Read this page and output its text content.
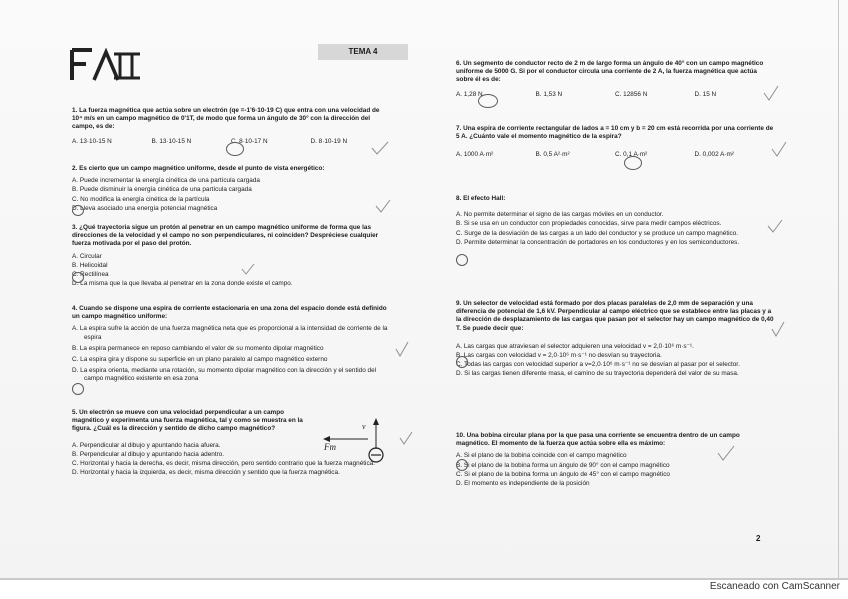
TEMA 4
1. La fuerza magnética que actúa sobre un electrón (qe =-1'6·10-19 C) que entra con una velocidad de 10⁴ m/s en un campo magnético de 0'1T, de modo que forma un ángulo de 30° con la dirección del campo, es de:
A. 13·10-15 N	B. 13·10-15 N	C. 8·10-17 N	D. 8·10-19 N
2. Es cierto que un campo magnético uniforme, desde el punto de vista energético:
A. Puede incrementar la energía cinética de una partícula cargada
B. Puede disminuir la energía cinética de una partícula cargada
C. No modifica la energía cinética de la partícula
D. Lleva asociado una energía potencial magnética
3. ¿Qué trayectoria sigue un protón al penetrar en un campo magnético uniforme de forma que las direcciones de la velocidad y el campo no son perpendiculares, ni coinciden? Despréciese cualquier fuerza motivada por el paso del protón.
A. Circular
B. Helicoidal
C. Rectilínea
D. La misma que la que llevaba al penetrar en la zona donde existe el campo.
4. Cuando se dispone una espira de corriente estacionaria en una zona del espacio donde está definido un campo magnético uniforme:
A. La espira sufre la acción de una fuerza magnética neta que es proporcional a la intensidad de corriente de la espira
B. La espira permanece en reposo cambiando el valor de su momento dipolar magnético
C. La espira gira y dispone su superficie en un plano paralelo al campo magnético externo
D. La espira orienta, mediante una rotación, su momento dipolar magnético con la dirección y el sentido del campo magnético existente en esa zona
5. Un electrón se mueve con una velocidad perpendicular a un campo magnético y experimenta una fuerza magnética, tal y como se muestra en la figura. ¿Cuál es la dirección y sentido de dicho campo magnético?
A. Perpendicular al dibujo y apuntando hacia afuera.
B. Perpendicular al dibujo y apuntando hacia adentro.
C. Horizontal y hacia la derecha, es decir, misma dirección, pero sentido contrario que la fuerza magnética.
D. Horizontal y hacia la izquierda, es decir, misma dirección y sentido que la fuerza magnética.
Fm
v
6. Un segmento de conductor recto de 2 m de largo forma un ángulo de 40° con un campo magnético uniforme de 5000 G. Si por el conductor circula una corriente de 2 A, la fuerza magnética que actúa sobre él es de:
A. 1,28 N	B. 1,53 N	C. 12856 N	D. 15 N
7. Una espira de corriente rectangular de lados a = 10 cm y b = 20 cm está recorrida por una corriente de 5 A. ¿Cuánto vale el momento magnético de la espira?
A. 1000 A·m²	B. 0,5 A²·m²	C. 0,1 A·m²	D. 0,002 A·m²
8. El efecto Hall:
A. No permite determinar el signo de las cargas móviles en un conductor.
B. Si se usa en un conductor con propiedades conocidas, sirve para medir campos eléctricos.
C. Surge de la desviación de las cargas a un lado del conductor y se produce un campo magnético.
D. Permite determinar la concentración de portadores en los conductores y en los semiconductores.
9. Un selector de velocidad está formado por dos placas paralelas de 2,0 mm de separación y una diferencia de potencial de 1,6 kV. Perpendicular al campo eléctrico que se establece entre las placas y a la dirección de desplazamiento de las cargas que pasan por el selector hay un campo magnético de 0,40 T. Se puede decir que:
A. Las cargas que atraviesan el selector adquieren una velocidad v = 2,0·10⁶ m·s⁻¹.
B. Las cargas con velocidad v = 2,0·10⁶ m·s⁻¹ no desvían su trayectoria.
C. Todas las cargas con velocidad superior a v=2,0·10⁶ m·s⁻¹ no se desvían al pasar por el selector.
D. Si las cargas tienen diferente masa, el camino de su trayectoria dependerá del valor de su masa.
10. Una bobina circular plana por la que pasa una corriente se encuentra dentro de un campo magnético. El momento de la fuerza que actúa sobre ella es máximo:
A. Si el plano de la bobina coincide con el campo magnético
B. Si el plano de la bobina forma un ángulo de 90° con el campo magnético
C. Si el plano de la bobina forma un ángulo de 45° con el campo magnético
D. El momento es independiente de la posición
2
Escaneado con CamScanner
